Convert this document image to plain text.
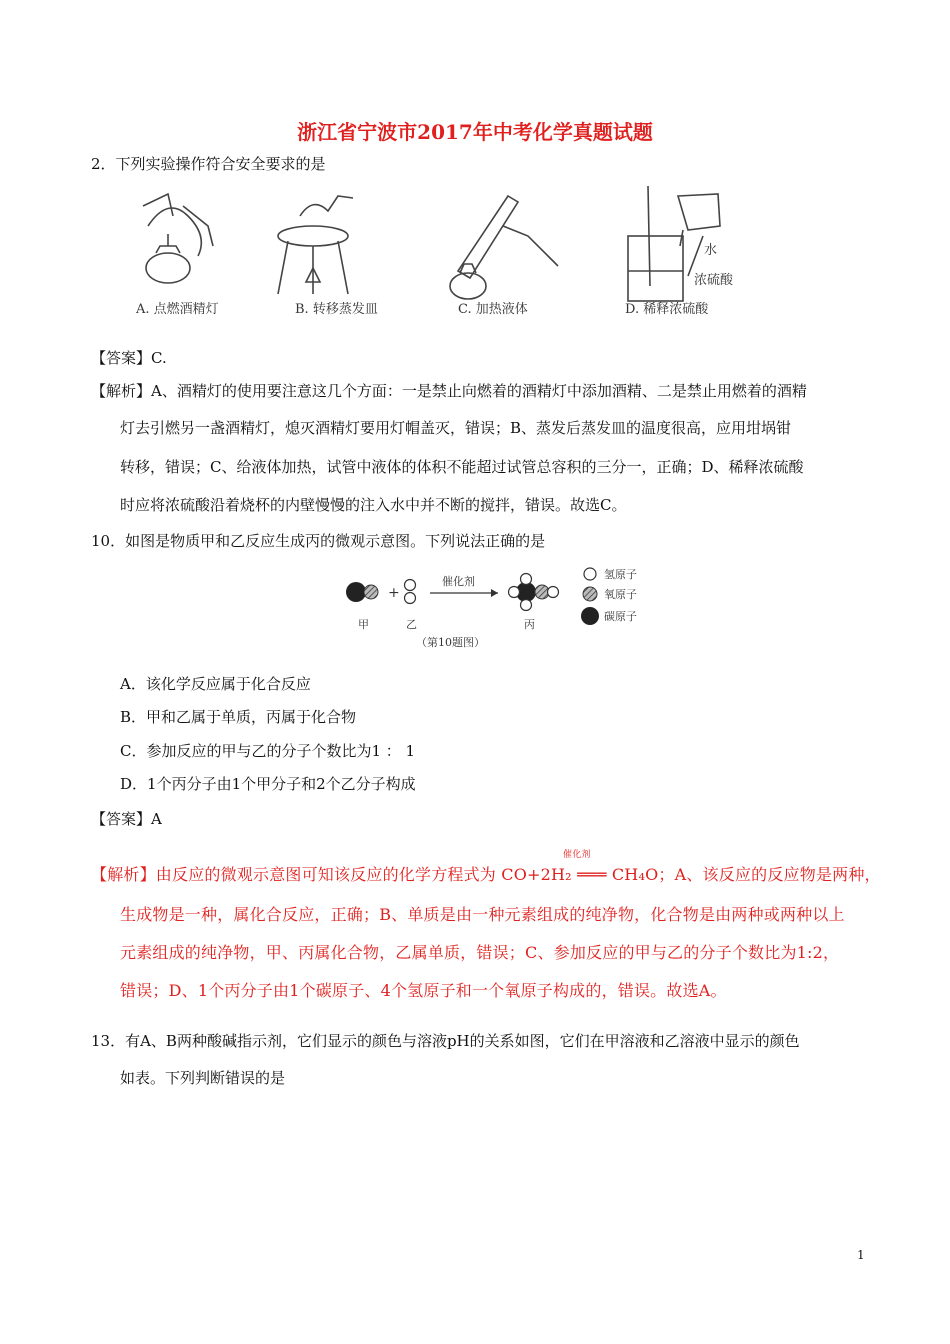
浙江省宁波市2017年中考化学真题试题
2．下列实验操作符合安全要求的是
A. 点燃酒精灯	B. 转移蒸发皿	C. 加热液体	D. 稀释浓硫酸
水
浓硫酸
【答案】C.
【解析】A、酒精灯的使用要注意这几个方面：一是禁止向燃着的酒精灯中添加酒精、二是禁止用燃着的酒精
灯去引燃另一盏酒精灯，熄灭酒精灯要用灯帽盖灭，错误；B、蒸发后蒸发皿的温度很高，应用坩埚钳
转移，错误；C、给液体加热，试管中液体的体积不能超过试管总容积的三分一，正确；D、稀释浓硫酸
时应将浓硫酸沿着烧杯的内壁慢慢的注入水中并不断的搅拌，错误。故选C。
10．如图是物质甲和乙反应生成丙的微观示意图。下列说法正确的是
+
催化剂
氢原子
氧原子
碳原子
甲	乙	丙
（第10题图）
A．该化学反应属于化合反应
B．甲和乙属于单质，丙属于化合物
C．参加反应的甲与乙的分子个数比为1 ： 1
D．1个丙分子由1个甲分子和2个乙分子构成
【答案】A
【解析】由反应的微观示意图可知该反应的化学方程式为 CO+2H₂ ═══ CH₄O；A、该反应的反应物是两种，
催化剂
生成物是一种，属化合反应，正确；B、单质是由一种元素组成的纯净物，化合物是由两种或两种以上
元素组成的纯净物，甲、丙属化合物，乙属单质，错误；C、参加反应的甲与乙的分子个数比为1:2，
错误；D、1个丙分子由1个碳原子、4个氢原子和一个氧原子构成的，错误。故选A。
13．有A、B两种酸碱指示剂，它们显示的颜色与溶液pH的关系如图，它们在甲溶液和乙溶液中显示的颜色
如表。下列判断错误的是
1
